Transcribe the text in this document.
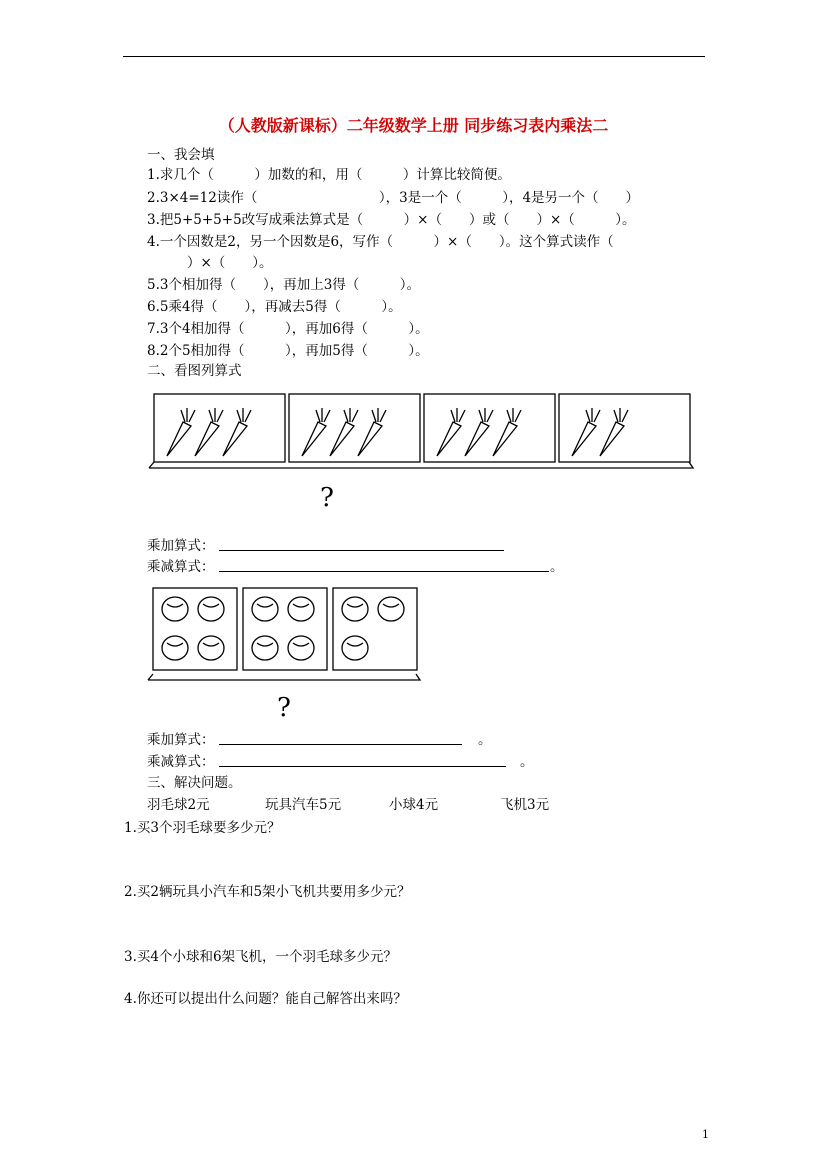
（人教版新课标）二年级数学上册 同步练习表内乘法二
一、我会填
1.求几个（　　　）加数的和，用（　　　）计算比较简便。
2.3×4=12读作（　　　　　　　　　），3是一个（　　　），4是另一个（　　）
3.把5+5+5+5改写成乘法算式是（　　　）×（　　）或（　　）×（　　　）。
4.一个因数是2，另一个因数是6，写作（　　　）×（　　）。这个算式读作（
　　）×（　　）。
5.3个相加得（　　），再加上3得（　　　）。
6.5乘4得（　　），再减去5得（　　　）。
7.3个4相加得（　　　），再加6得（　　　）。
8.2个5相加得（　　　），再加5得（　　　）。
二、看图列算式
?
乘加算式：
乘减算式：	。
?
乘加算式：	。
乘减算式：	。
三、解决问题。
羽毛球2元	玩具汽车5元	小球4元	飞机3元
1.买3个羽毛球要多少元？
2.买2辆玩具小汽车和5架小飞机共要用多少元？
3.买4个小球和6架飞机，一个羽毛球多少元？
4.你还可以提出什么问题？能自己解答出来吗？
1
